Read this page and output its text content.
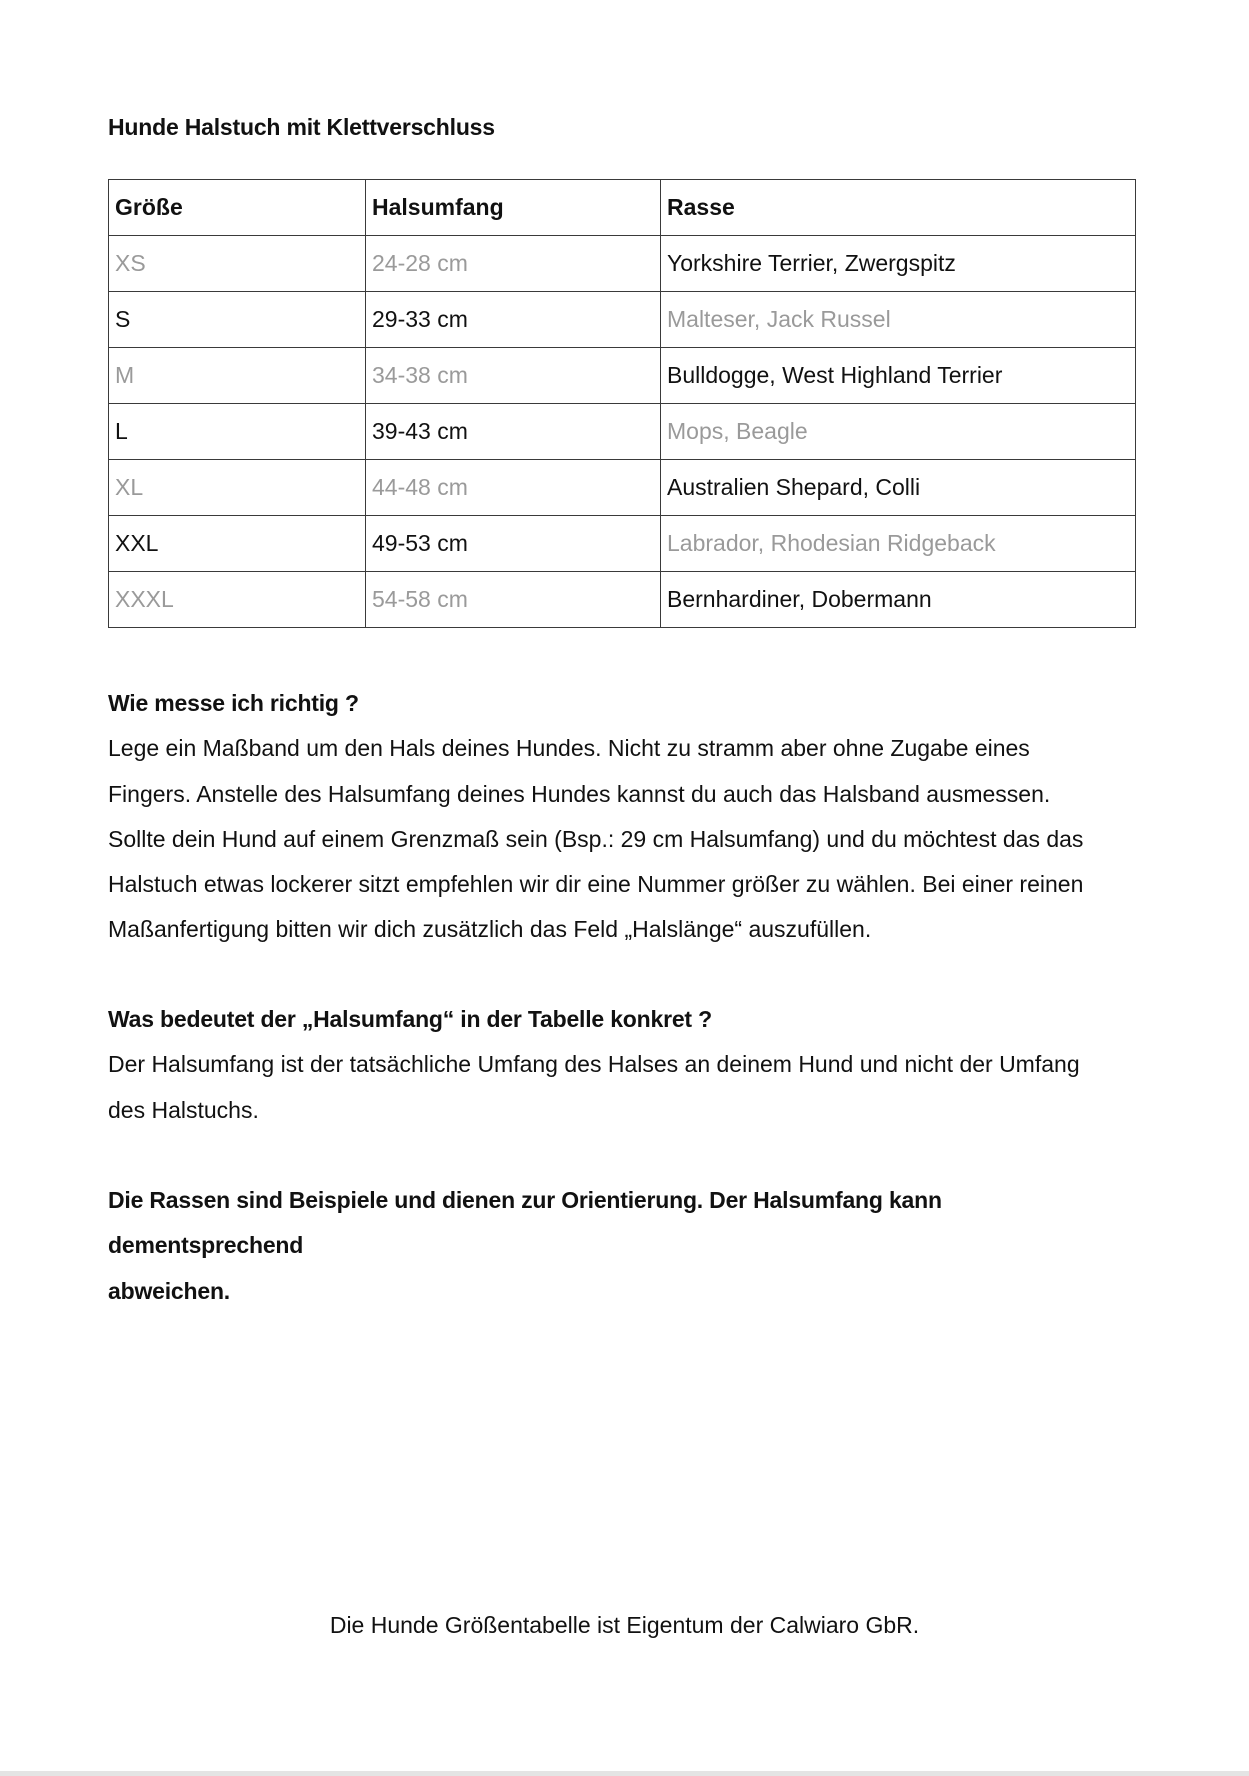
Hunde Halstuch mit Klettverschluss
Größe	Halsumfang	Rasse
XS	24-28 cm	Yorkshire Terrier, Zwergspitz
S	29-33 cm	Malteser, Jack Russel
M	34-38 cm	Bulldogge, West Highland Terrier
L	39-43 cm	Mops, Beagle
XL	44-48 cm	Australien Shepard, Colli
XXL	49-53 cm	Labrador, Rhodesian Ridgeback
XXXL	54-58 cm	Bernhardiner, Dobermann

Wie messe ich richtig ?

Lege ein Maßband um den Hals deines Hundes. Nicht zu stramm aber ohne Zugabe eines

Fingers. Anstelle des Halsumfang deines Hundes kannst du auch das Halsband ausmessen.

Sollte dein Hund auf einem Grenzmaß sein (Bsp.: 29 cm Halsumfang) und du möchtest das das

Halstuch etwas lockerer sitzt empfehlen wir dir eine Nummer größer zu wählen. Bei einer reinen

Maßanfertigung bitten wir dich zusätzlich das Feld „Halslänge“ auszufüllen.

Was bedeutet der „Halsumfang“ in der Tabelle konkret ?

Der Halsumfang ist der tatsächliche Umfang des Halses an deinem Hund und nicht der Umfang

des Halstuchs.

Die Rassen sind Beispiele und dienen zur Orientierung. Der Halsumfang kann dementsprechend

abweichen.

Die Hunde Größentabelle ist Eigentum der Calwiaro GbR.
